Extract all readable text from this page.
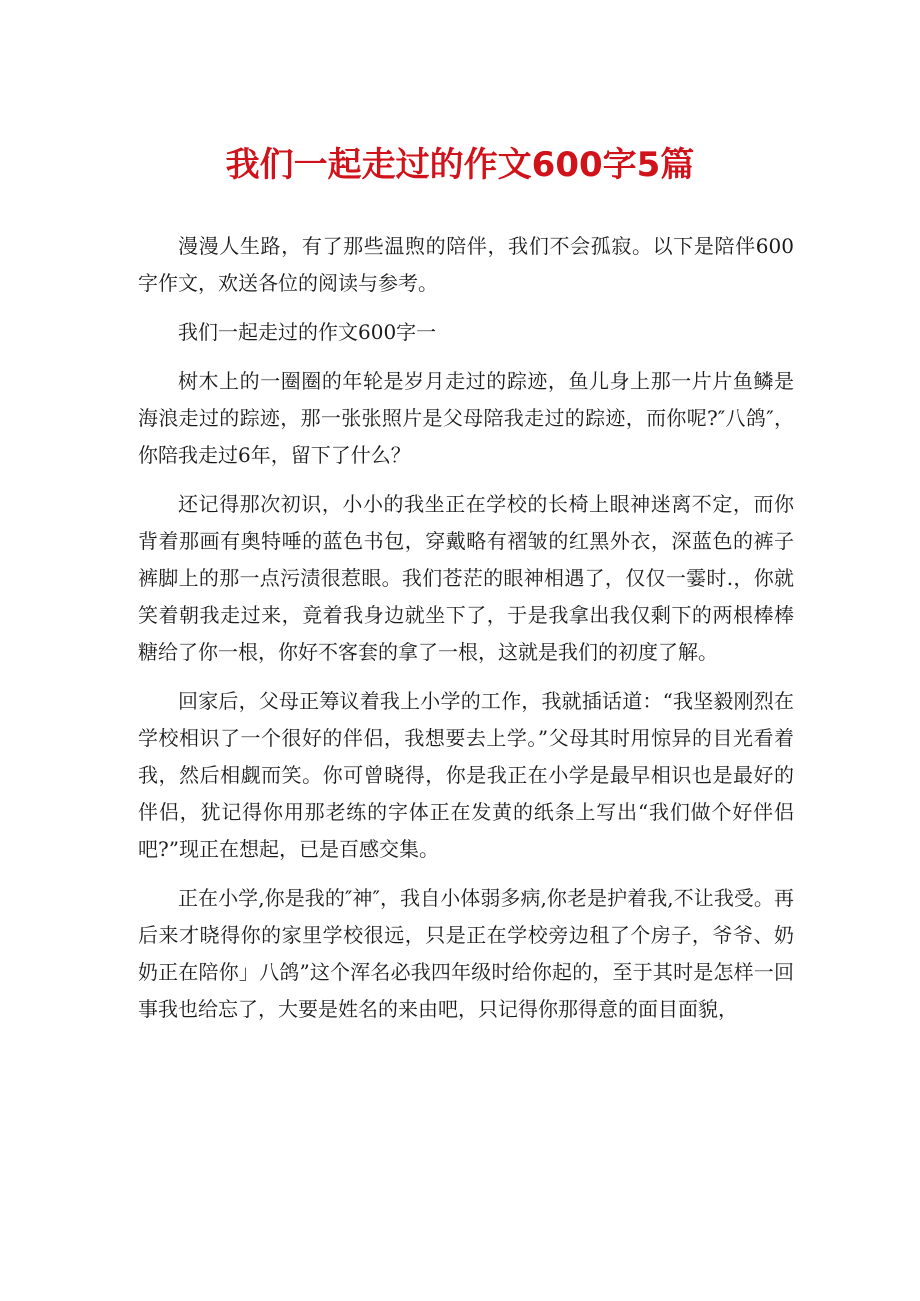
我们一起走过的作文600字5篇

漫漫人生路，有了那些温煦的陪伴，我们不会孤寂。以下是陪伴600字作文，欢送各位的阅读与参考。

我们一起走过的作文600字一

树木上的一圈圈的年轮是岁月走过的踪迹，鱼儿身上那一片片鱼鳞是海浪走过的踪迹，那一张张照片是父母陪我走过的踪迹，而你呢?″八鸽″，你陪我走过6年，留下了什么？

还记得那次初识，小小的我坐正在学校的长椅上眼神迷离不定，而你背着那画有奥特唾的蓝色书包，穿戴略有褶皱的红黑外衣，深蓝色的裤子裤脚上的那一点污渍很惹眼。我们苍茫的眼神相遇了，仅仅一霎时.，你就笑着朝我走过来，竟着我身边就坐下了，于是我拿出我仅剩下的两根棒棒糖给了你一根，你好不客套的拿了一根，这就是我们的初度了解。

回家后，父母正筹议着我上小学的工作，我就插话道：“我坚毅刚烈在学校相识了一个很好的伴侣，我想要去上学。”父母其时用惊异的目光看着我，然后相觑而笑。你可曾晓得，你是我正在小学是最早相识也是最好的伴侣，犹记得你用那老练的字体正在发黄的纸条上写出“我们做个好伴侣吧?”现正在想起，已是百感交集。

正在小学,你是我的″神″，我自小体弱多病,你老是护着我,不让我受。再后来才晓得你的家里学校很远，只是正在学校旁边租了个房子，爷爷、奶奶正在陪你」八鸽”这个浑名必我四年级时给你起的，至于其时是怎样一回事我也给忘了，大要是姓名的来由吧，只记得你那得意的面目面貌，
